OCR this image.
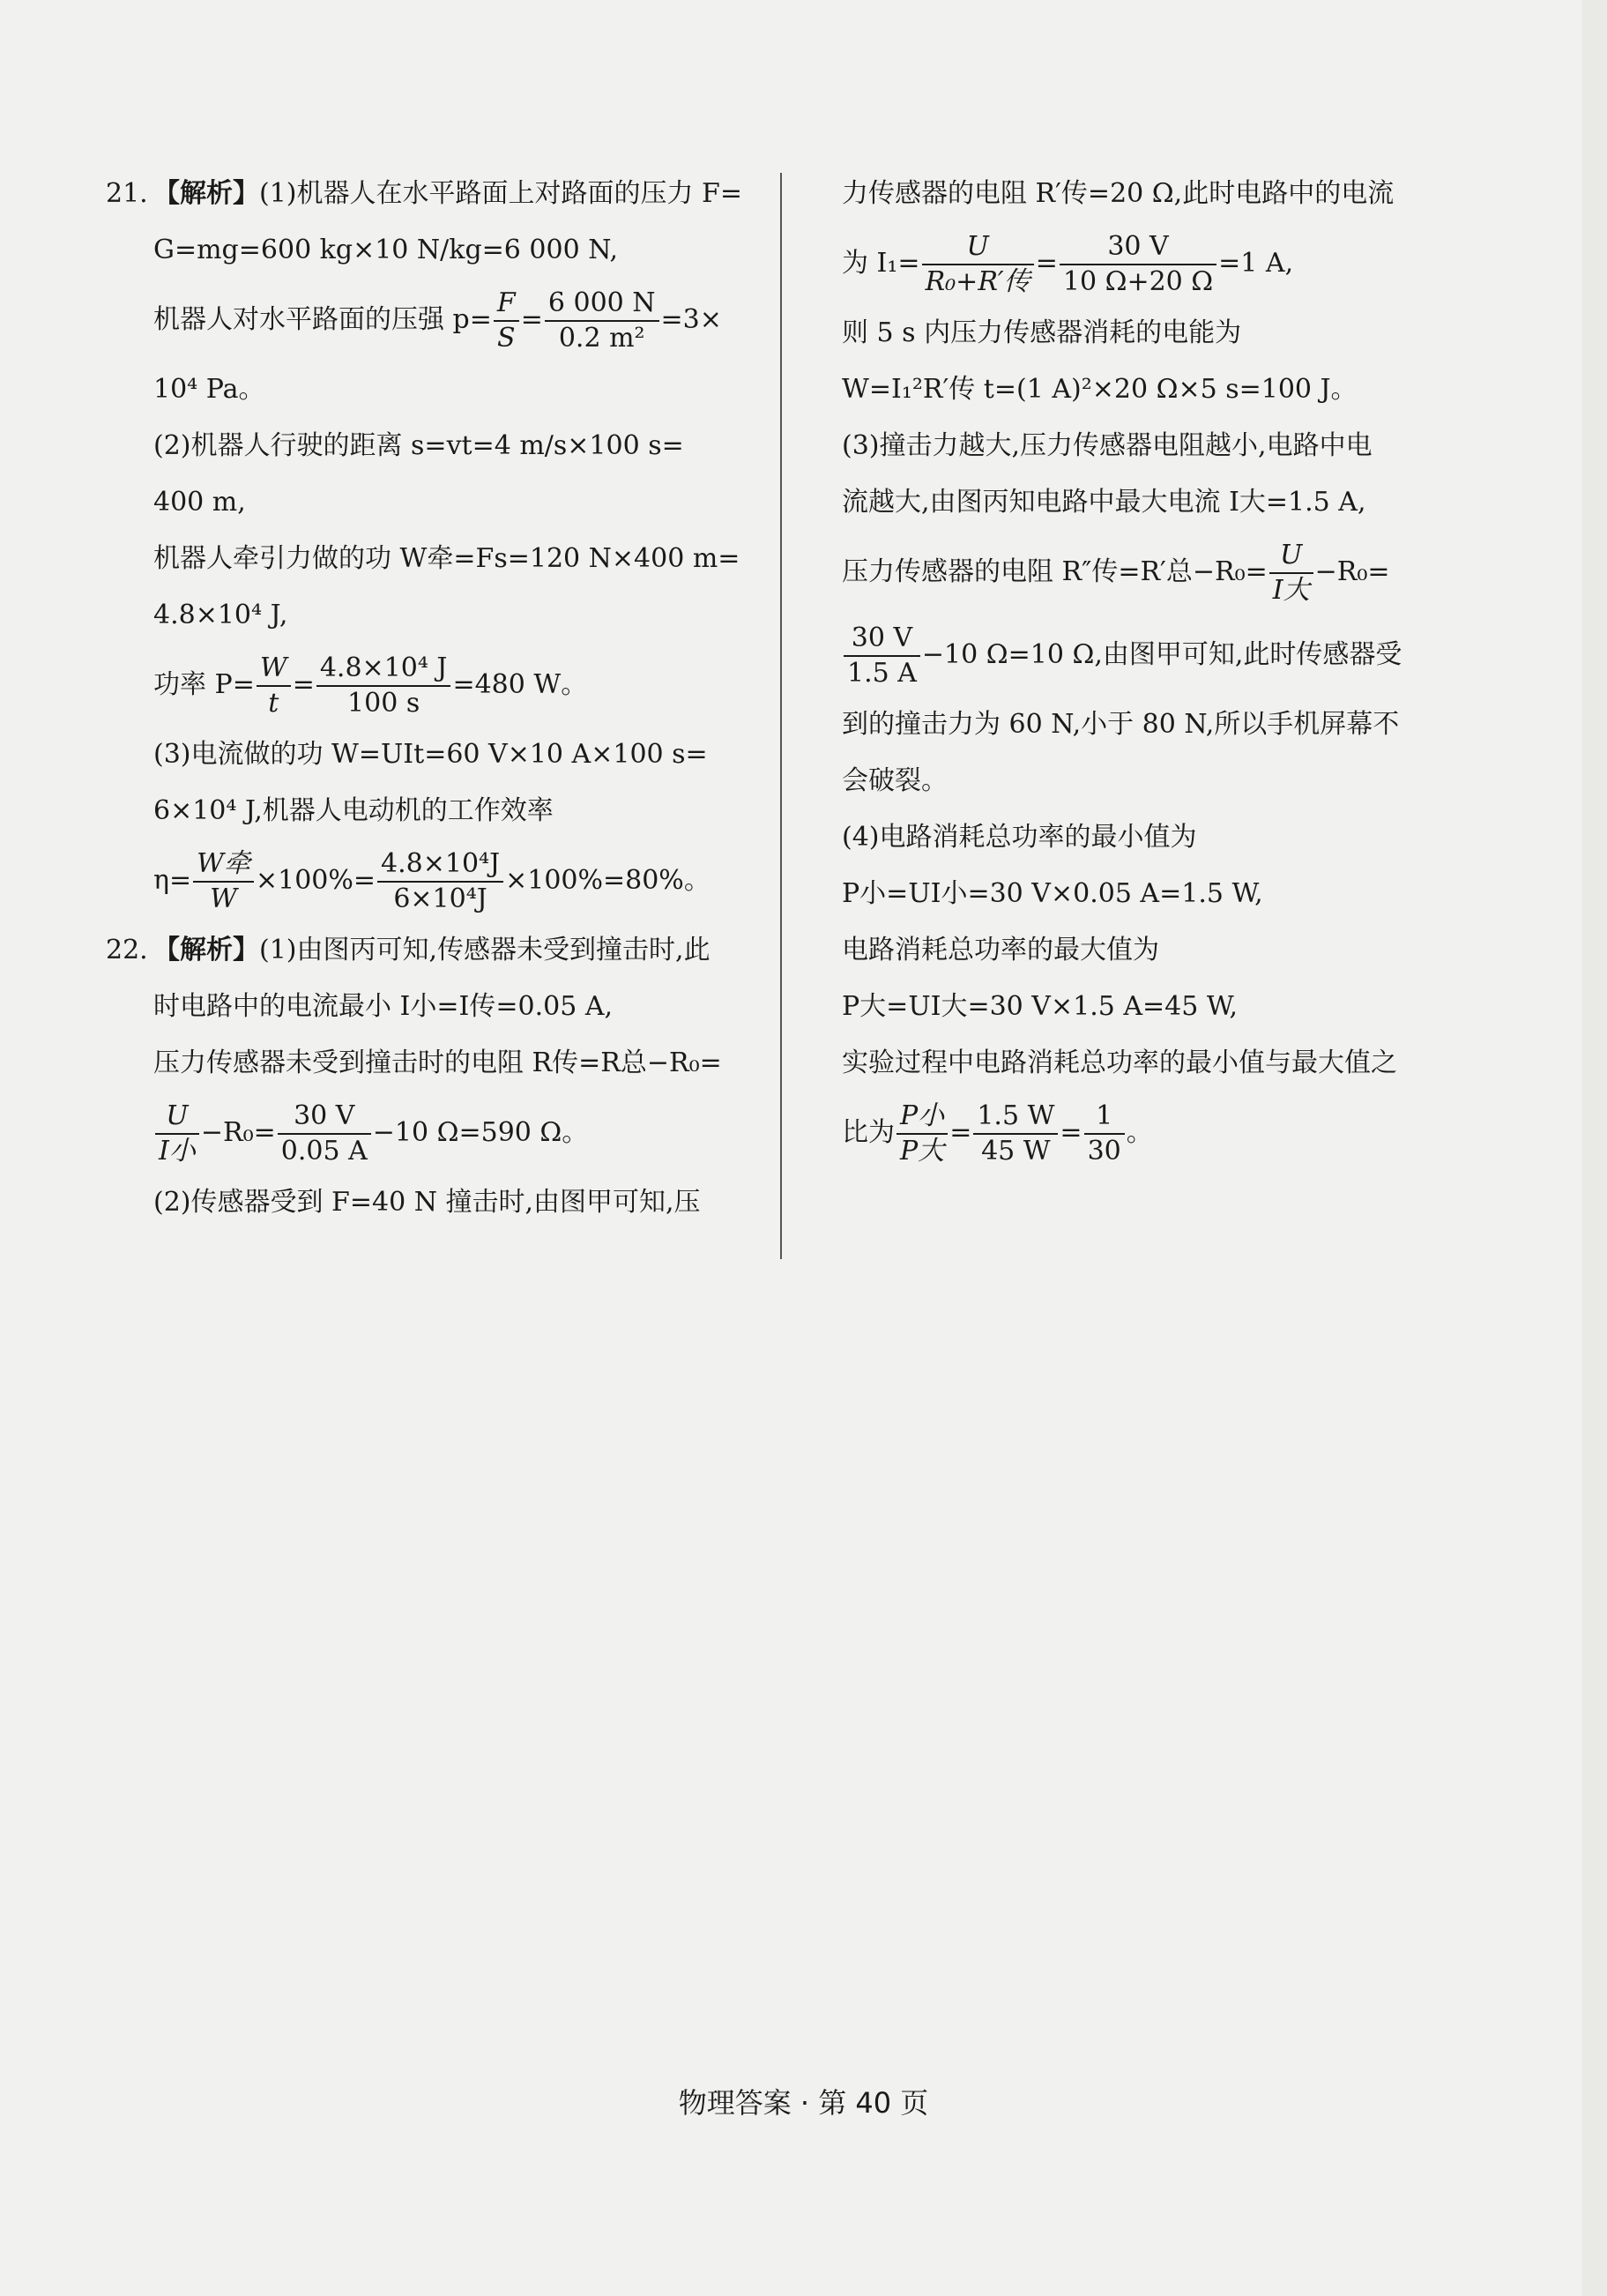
21. 【解析】(1)机器人在水平路面上对路面的压力 F=
G=mg=600 kg×10 N/kg=6 000 N,
机器人对水平路面的压强 $p= \frac{F}{S} = \frac{6 000 N}{\text{0.2 m²}} =3\times$
10⁴ Pa。
(2)机器人行驶的距离 s=vt=4 m/s×100 s=
400 m,
机器人牵引力做的功 W牵=Fs=120 N×400 m=
4.8×10⁴ J,
功率 $P= \frac{W}{t} = \frac{\text{4.8×10⁴ J}}{100 s} =480$ W。
(3)电流做的功 W=UIt=60 V×10 A×100 s=
6×10⁴ J,机器人电动机的工作效率
$\eta= \frac{\text{W牵}}{W} \times 100\%= \frac{\text{4.8×10⁴J}}{\text{6×10⁴J}} \times 100\%=80\%$。
22. 【解析】(1)由图丙可知,传感器未受到撞击时,此
时电路中的电流最小 I小=I传=0.05 A,
压力传感器未受到撞击时的电阻 R传=R总−R₀=
$\frac{U}{\text{I小}} -R_0= \frac{30 V}{0.05 A} -10$ Ω=590 Ω。
(2)传感器受到 F=40 N 撞击时,由图甲可知,压
力传感器的电阻 R′传=20 Ω,此时电路中的电流
为 $I_1= \frac{U}{\text{R₀+R′传}} = \frac{30 V}{10 \Omega+20 \Omega} =1$ A,
则 5 s 内压力传感器消耗的电能为
W=I₁²R′传 t=(1 A)²×20 Ω×5 s=100 J。
(3)撞击力越大,压力传感器电阻越小,电路中电
流越大,由图丙知电路中最大电流 I大=1.5 A,
压力传感器的电阻 R″传=R′总$-R_0= \frac{U}{\text{I大}} -R_0=$
$\frac{30 V}{1.5 A} -10$ Ω=10 Ω,由图甲可知,此时传感器受
到的撞击力为 60 N,小于 80 N,所以手机屏幕不
会破裂。
(4)电路消耗总功率的最小值为
P小=UI小=30 V×0.05 A=1.5 W,
电路消耗总功率的最大值为
P大=UI大=30 V×1.5 A=45 W,
实验过程中电路消耗总功率的最小值与最大值之
比为 $\frac{\text{P小}}{\text{P大}} = \frac{1.5 W}{45 W} = \frac{1}{30}$ 。
物理答案 · 第 40 页
